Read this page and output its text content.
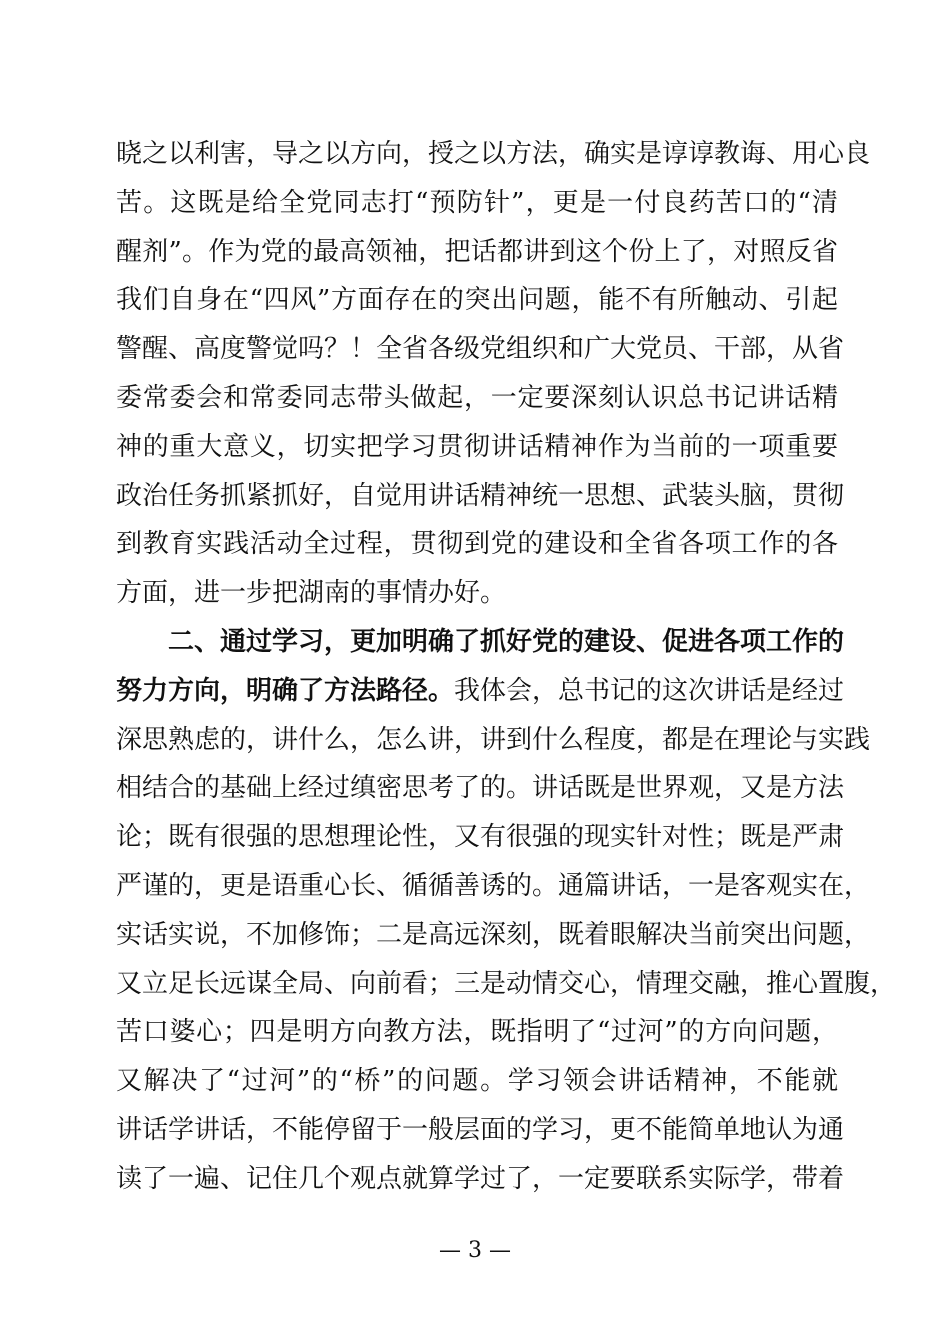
晓之以利害，导之以方向，授之以方法，确实是谆谆教诲、用心良
苦。这既是给全党同志打“预防针”，更是一付良药苦口的“清
醒剂”。作为党的最高领袖，把话都讲到这个份上了，对照反省
我们自身在“四风”方面存在的突出问题，能不有所触动、引起
警醒、高度警觉吗？！全省各级党组织和广大党员、干部，从省
委常委会和常委同志带头做起，一定要深刻认识总书记讲话精
神的重大意义，切实把学习贯彻讲话精神作为当前的一项重要
政治任务抓紧抓好，自觉用讲话精神统一思想、武装头脑，贯彻
到教育实践活动全过程，贯彻到党的建设和全省各项工作的各
方面，进一步把湖南的事情办好。
二、通过学习，更加明确了抓好党的建设、促进各项工作的
努力方向，明确了方法路径。我体会，总书记的这次讲话是经过
深思熟虑的，讲什么，怎么讲，讲到什么程度，都是在理论与实践
相结合的基础上经过缜密思考了的。讲话既是世界观，又是方法
论；既有很强的思想理论性，又有很强的现实针对性；既是严肃
严谨的，更是语重心长、循循善诱的。通篇讲话，一是客观实在，
实话实说，不加修饰；二是高远深刻，既着眼解决当前突出问题，
又立足长远谋全局、向前看；三是动情交心，情理交融，推心置腹，
苦口婆心；四是明方向教方法，既指明了“过河”的方向问题，
又解决了“过河”的“桥”的问题。学习领会讲话精神，不能就
讲话学讲话，不能停留于一般层面的学习，更不能简单地认为通
读了一遍、记住几个观点就算学过了，一定要联系实际学，带着
— 3 —
